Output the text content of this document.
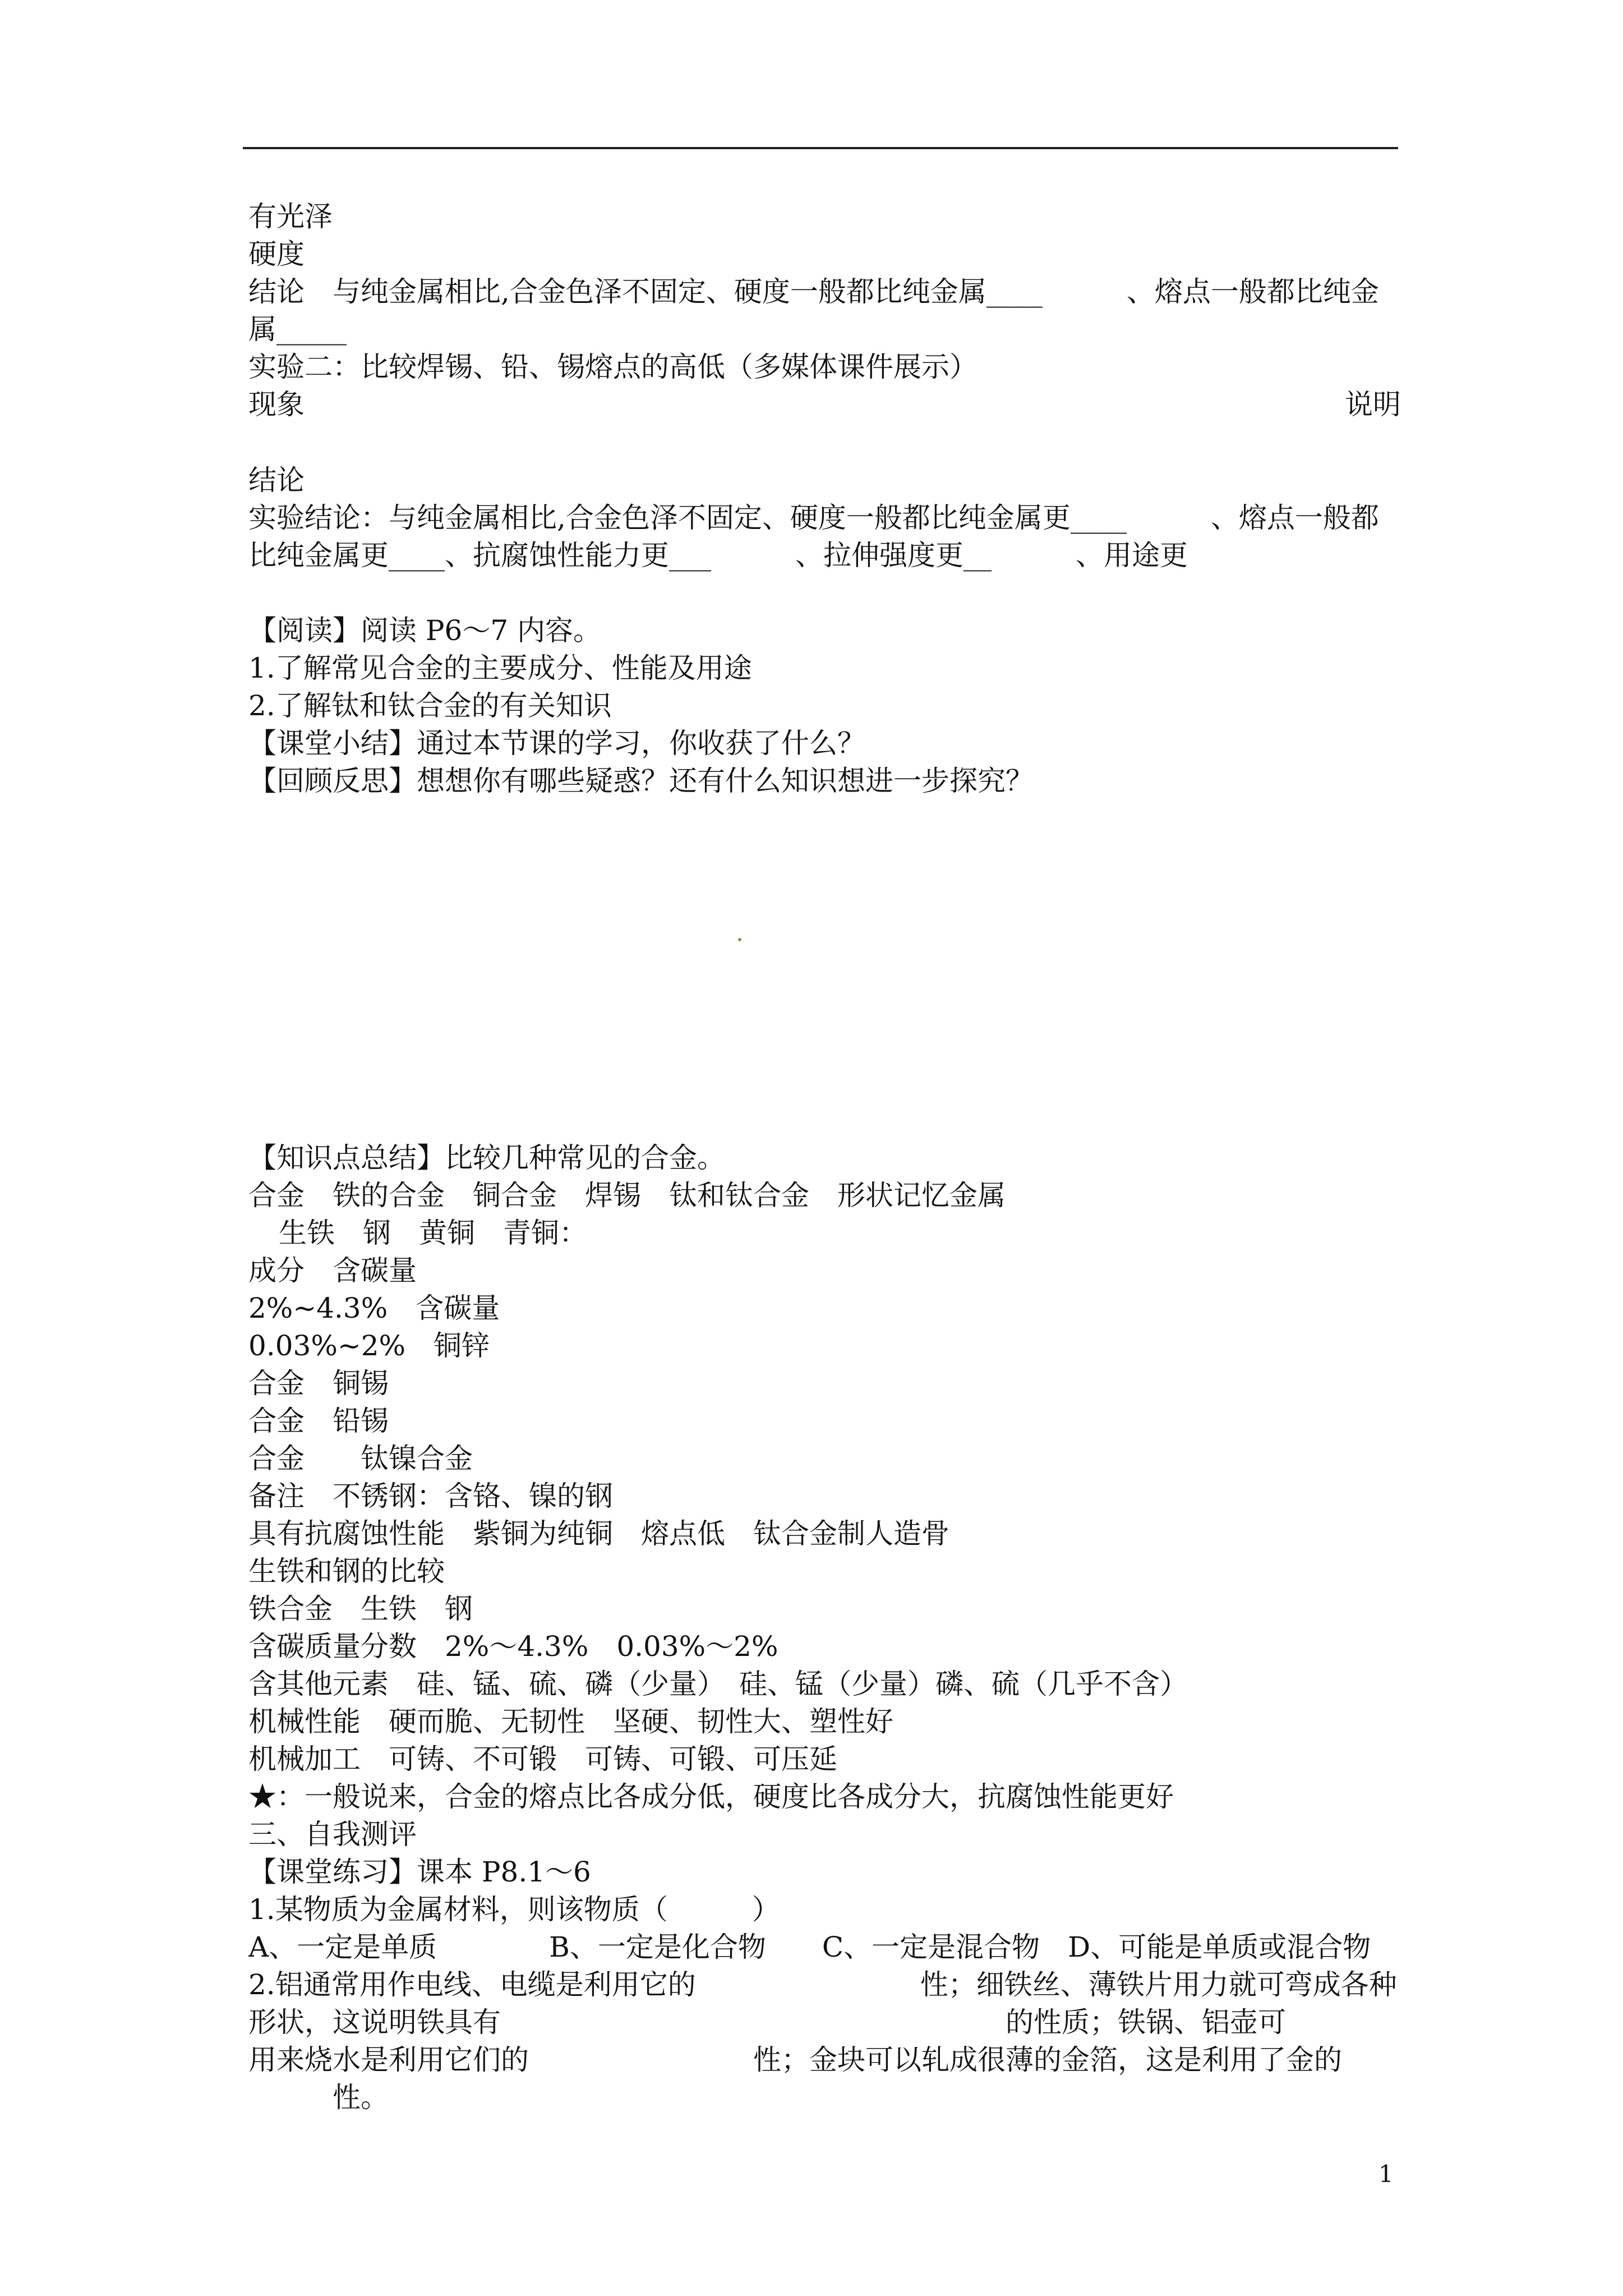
有光泽
硬度
结论　与纯金属相比,合金色泽不固定、硬度一般都比纯金属____　　　、熔点一般都比纯金
属_____
实验二：比较焊锡、铅、锡熔点的高低（多媒体课件展示）
现象	说明
结论
实验结论：与纯金属相比,合金色泽不固定、硬度一般都比纯金属更____　　　、熔点一般都
比纯金属更____、抗腐蚀性能力更___　　　、拉伸强度更__　　　、用途更
【阅读】阅读 P6～7 内容。
1.了解常见合金的主要成分、性能及用途
2.了解钛和钛合金的有关知识
【课堂小结】通过本节课的学习，你收获了什么？
【回顾反思】想想你有哪些疑惑？还有什么知识想进一步探究？
【知识点总结】比较几种常见的合金。
合金　铁的合金　铜合金　焊锡　钛和钛合金　形状记忆金属
生铁　钢　黄铜　青铜：
成分　含碳量
2%~4.3%　含碳量
0.03%~2%　铜锌
合金　铜锡
合金　铅锡
合金　　钛镍合金
备注　不锈钢：含铬、镍的钢
具有抗腐蚀性能　紫铜为纯铜　熔点低　钛合金制人造骨
生铁和钢的比较
铁合金　生铁　钢
含碳质量分数　2%～4.3%　0.03%～2%
含其他元素　硅、锰、硫、磷（少量）　硅、锰（少量）磷、硫（几乎不含）
机械性能　硬而脆、无韧性　坚硬、韧性大、塑性好
机械加工　可铸、不可锻　可铸、可锻、可压延
★：一般说来，合金的熔点比各成分低，硬度比各成分大，抗腐蚀性能更好
三、自我测评
【课堂练习】课本 P8.1～6
1.某物质为金属材料，则该物质（　　　）
A、一定是单质　　　　B、一定是化合物　　C、一定是混合物　D、可能是单质或混合物
2.铝通常用作电线、电缆是利用它的　　　　　　　　性；细铁丝、薄铁片用力就可弯成各种
形状，这说明铁具有　　　　　　　　　　　　　　　　　　的性质；铁锅、铝壶可
用来烧水是利用它们的　　　　　　　　性；金块可以轧成很薄的金箔，这是利用了金的
　　　性。
1
